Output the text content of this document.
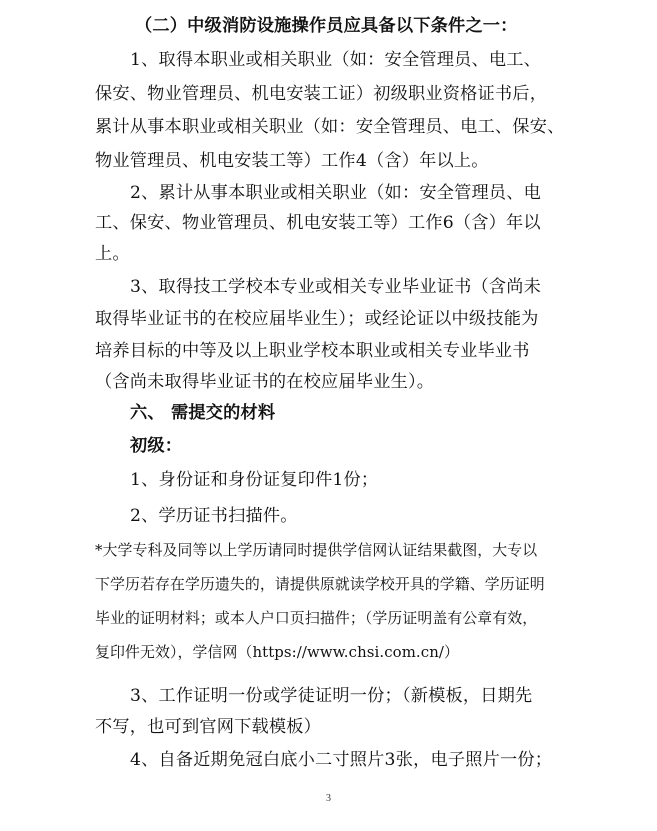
（二）中级消防设施操作员应具备以下条件之一：
1、取得本职业或相关职业（如：安全管理员、电工、
保安、物业管理员、机电安装工证）初级职业资格证书后，
累计从事本职业或相关职业（如：安全管理员、电工、保安、
物业管理员、机电安装工等）工作4（含）年以上。
2、累计从事本职业或相关职业（如：安全管理员、电
工、保安、物业管理员、机电安装工等）工作6（含）年以
上。
3、取得技工学校本专业或相关专业毕业证书（含尚未
取得毕业证书的在校应届毕业生）；或经论证以中级技能为
培养目标的中等及以上职业学校本职业或相关专业毕业书
（含尚未取得毕业证书的在校应届毕业生）。
六、 需提交的材料
初级：
1、身份证和身份证复印件1份；
2、学历证书扫描件。
*大学专科及同等以上学历请同时提供学信网认证结果截图，大专以
下学历若存在学历遗失的，请提供原就读学校开具的学籍、学历证明
毕业的证明材料；或本人户口页扫描件；（学历证明盖有公章有效，
复印件无效），学信网（https://www.chsi.com.cn/）
3、工作证明一份或学徒证明一份；（新模板，日期先
不写，也可到官网下载模板）
4、自备近期免冠白底小二寸照片3张，电子照片一份；
3
